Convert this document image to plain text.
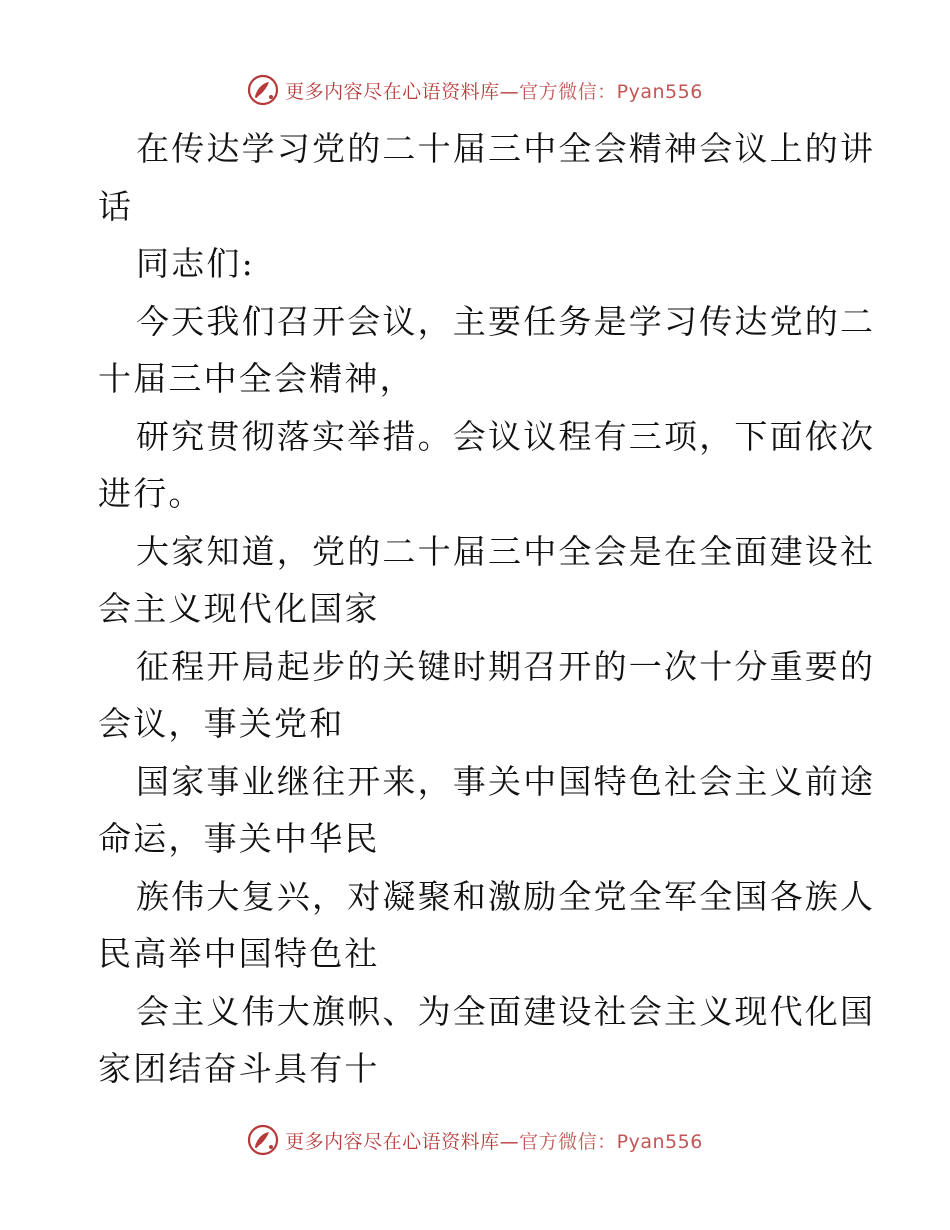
更多内容尽在心语资料库—官方微信：Pyan556
在传达学习党的二十届三中全会精神会议上的讲
话
同志们:
今天我们召开会议，主要任务是学习传达党的二
十届三中全会精神，
研究贯彻落实举措。会议议程有三项，下面依次
进行。
大家知道，党的二十届三中全会是在全面建设社
会主义现代化国家
征程开局起步的关键时期召开的一次十分重要的
会议，事关党和
国家事业继往开来，事关中国特色社会主义前途
命运，事关中华民
族伟大复兴，对凝聚和激励全党全军全国各族人
民高举中国特色社
会主义伟大旗帜、为全面建设社会主义现代化国
家团结奋斗具有十
更多内容尽在心语资料库—官方微信：Pyan556
